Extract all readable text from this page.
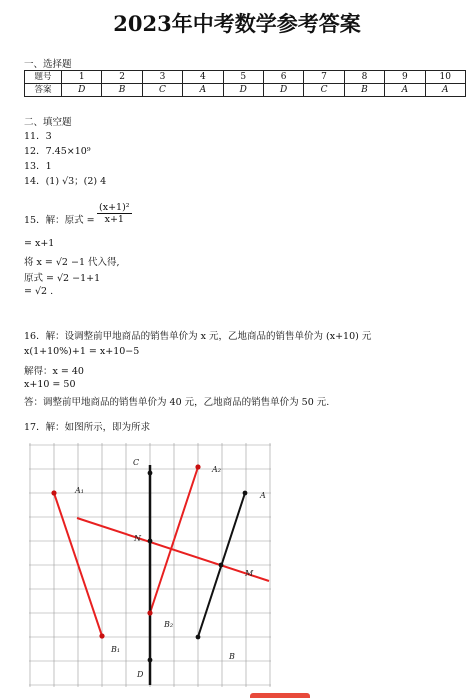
2023年中考数学参考答案
一、选择题
题号	1	2	3	4	5	6	7	8	9	10
答案	D	B	C	A	D	D	C	B	A	A
二、填空题
11．3
12．7.45×10⁹
13．1
14．(1) √3；(2) 4
15．解：原式 = $\frac{\text{(x+1)²}}{x+1}$
= x+1
将 x = √2 −1 代入得,
原式 = √2 −1+1
= √2 .
16．解：设调整前甲地商品的销售单价为 x 元，乙地商品的销售单价为 (x+10) 元
x(1+10%)+1 = x+10−5
解得：x = 40
x+10 = 50
答：调整前甲地商品的销售单价为 40 元，乙地商品的销售单价为 50 元.
17．解：如图所示，即为所求
C
D
A₁
A₂
A
B₁
B₂
B
N
M
